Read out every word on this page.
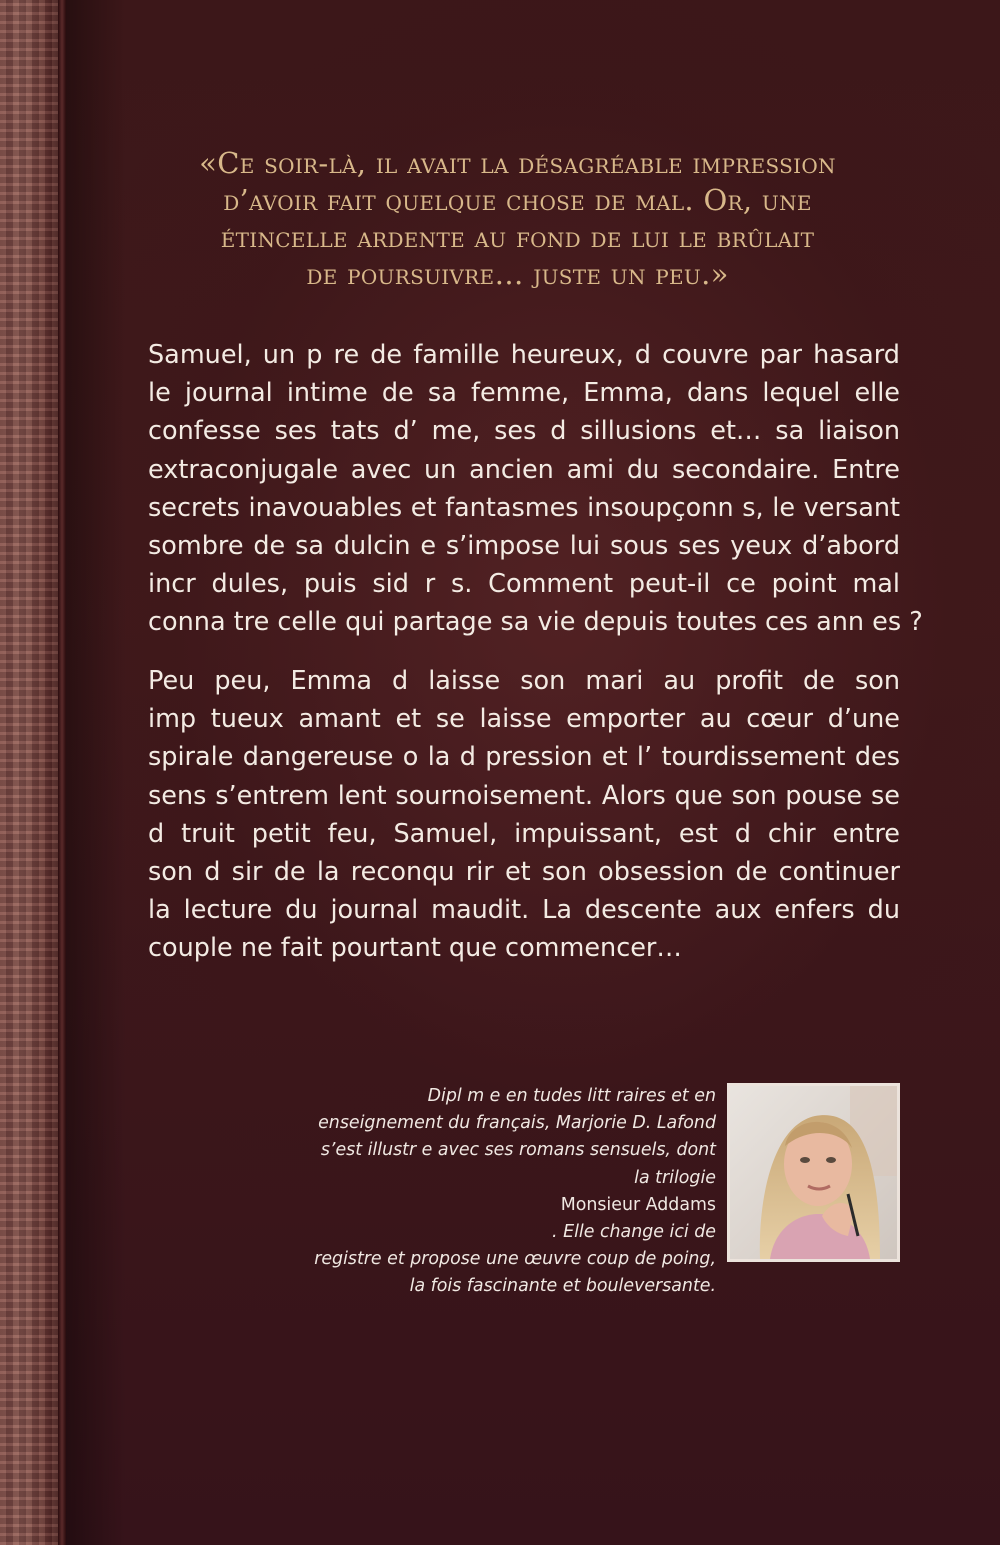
«Ce soir-là, il avait la désagréable impression
d’avoir fait quelque chose de mal. Or, une
étincelle ardente au fond de lui le brûlait
de poursuivre… juste un peu.»

Samuel, un p re de famille heureux, d couvre par hasard
le journal intime de sa femme, Emma, dans lequel elle
confesse ses tats d’ me, ses d sillusions et… sa liaison
extraconjugale avec un ancien ami du secondaire. Entre
secrets inavouables et fantasmes insoupçonn s, le versant
sombre de sa dulcin e s’impose lui sous ses yeux d’abord
incr dules, puis sid r s. Comment peut-il ce point mal
conna tre celle qui partage sa vie depuis toutes ces ann es ?

Peu peu, Emma d laisse son mari au profit de son
imp tueux amant et se laisse emporter au cœur d’une
spirale dangereuse o la d pression et l’ tourdissement des
sens s’entrem lent sournoisement. Alors que son pouse se
d truit petit feu, Samuel, impuissant, est d chir entre
son d sir de la reconqu rir et son obsession de continuer
la lecture du journal maudit. La descente aux enfers du
couple ne fait pourtant que commencer…

Dipl m e en tudes litt raires et en
enseignement du français, Marjorie D. Lafond
s’est illustr e avec ses romans sensuels, dont
la trilogie
Monsieur Addams
. Elle change ici de
registre et propose une œuvre coup de poing,
la fois fascinante et bouleversante.
